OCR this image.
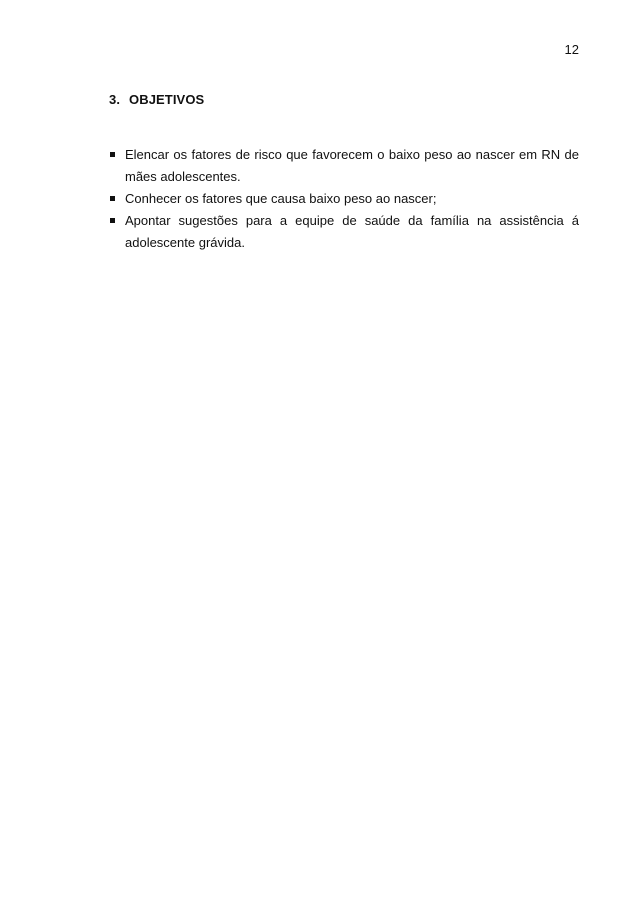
12
3. OBJETIVOS
Elencar os fatores de risco que favorecem o baixo peso ao nascer em RN de mães adolescentes.
Conhecer os fatores que causa baixo peso ao nascer;
Apontar sugestões para a equipe de saúde da família na assistência á adolescente grávida.
